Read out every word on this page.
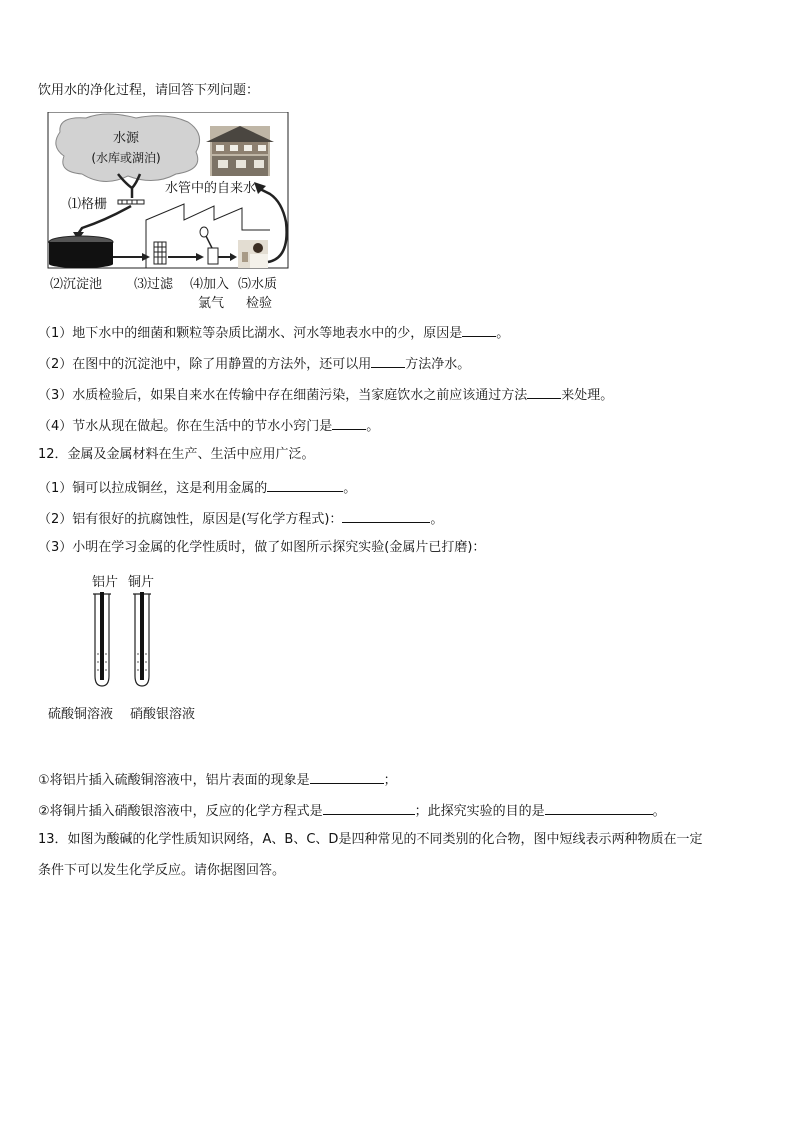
饮用水的净化过程，请回答下列问题：
水源
(水库或湖泊)
水管中的自来水
⑴格栅
⑵沉淀池 ⑶过滤 ⑷加入
氯气
⑸水质
检验
（1）地下水中的细菌和颗粒等杂质比湖水、河水等地表水中的少，原因是	。
（2）在图中的沉淀池中，除了用静置的方法外，还可以用	方法净水。
（3）水质检验后，如果自来水在传输中存在细菌污染，当家庭饮水之前应该通过方法	来处理。
（4）节水从现在做起。你在生活中的节水小窍门是	。
12．金属及金属材料在生产、生活中应用广泛。
（1）铜可以拉成铜丝，这是利用金属的	。
（2）铝有很好的抗腐蚀性，原因是(写化学方程式)：	。
（3）小明在学习金属的化学性质时，做了如图所示探究实验(金属片已打磨)：
铝片 铜片
硫酸铜溶液 硝酸银溶液
①将铝片插入硫酸铜溶液中，铝片表面的现象是	；
②将铜片插入硝酸银溶液中，反应的化学方程式是	；此探究实验的目的是	。
13．如图为酸碱的化学性质知识网络，A、B、C、D是四种常见的不同类别的化合物，图中短线表示两种物质在一定
条件下可以发生化学反应。请你据图回答。
